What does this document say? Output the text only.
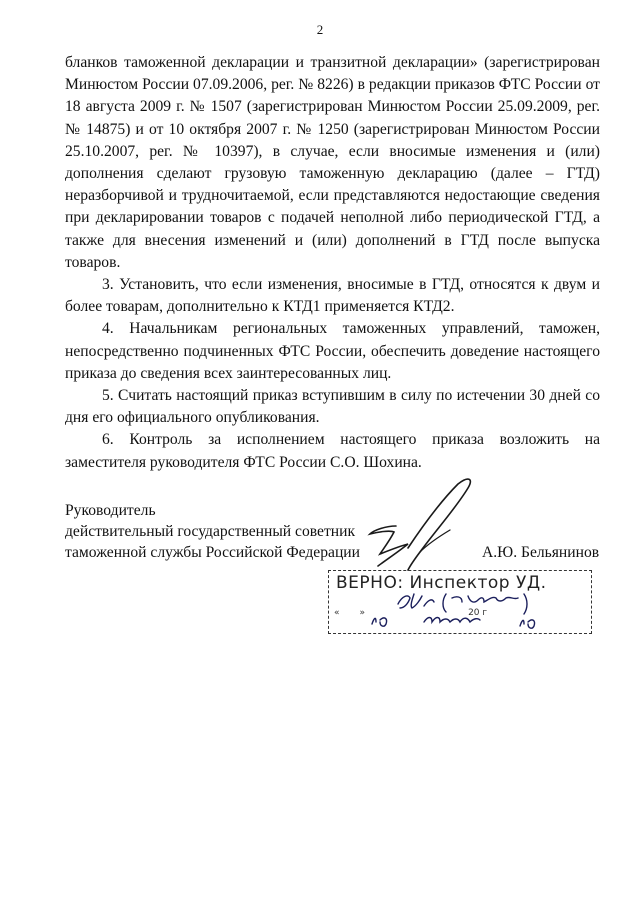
2

бланков таможенной декларации и транзитной декларации» (зарегистрирован Минюстом России 07.09.2006, рег. № 8226) в редакции приказов ФТС России от 18 августа 2009 г. № 1507 (зарегистрирован Минюстом России 25.09.2009, рег. № 14875) и от 10 октября 2007 г. № 1250 (зарегистрирован Минюстом России 25.10.2007, рег. № 10397), в случае, если вносимые изменения и (или) дополнения сделают грузовую таможенную декларацию (далее – ГТД) неразборчивой и трудночитаемой, если представляются недостающие сведения при декларировании товаров с подачей неполной либо периодической ГТД, а также для внесения изменений и (или) дополнений в ГТД после выпуска товаров.

3. Установить, что если изменения, вносимые в ГТД, относятся к двум и более товарам, дополнительно к КТД1 применяется КТД2.

4. Начальникам региональных таможенных управлений, таможен, непосредственно подчиненных ФТС России, обеспечить доведение настоящего приказа до сведения всех заинтересованных лиц.

5. Считать настоящий приказ вступившим в силу по истечении 30 дней со дня его официального опубликования.

6. Контроль за исполнением настоящего приказа возложить на заместителя руководителя ФТС России С.О. Шохина.

Руководитель
действительный государственный советник
таможенной службы Российской Федерации	А.Ю. Бельянинов
ВЕРНО: Инспектор УД.
« »	20 г
